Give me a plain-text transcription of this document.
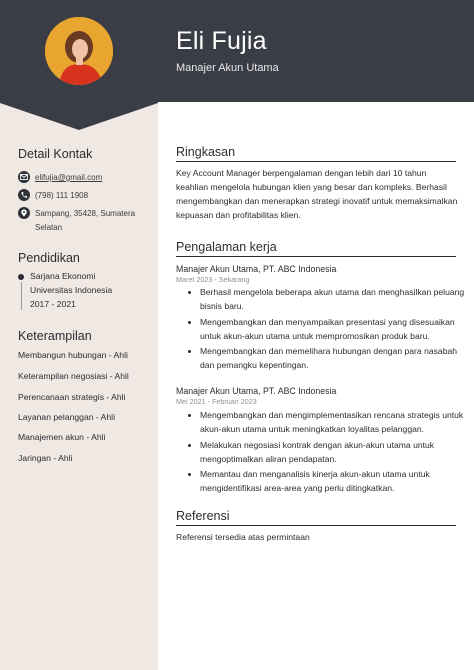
Eli Fujia
Manajer Akun Utama
Detail Kontak
elifujia@gmail.com
(798) 111 1908
Sampang, 35428, Sumatera Selatan
Pendidikan
Sarjana Ekonomi
Universitas Indonesia
2017 - 2021
Keterampilan
Membangun hubungan - Ahli
Keterampilan negosiasi - Ahli
Perencanaan strategis - Ahli
Layanan pelanggan - Ahli
Manajemen akun - Ahli
Jaringan - Ahli
Ringkasan
Key Account Manager berpengalaman dengan lebih dari 10 tahun keahlian mengelola hubungan klien yang besar dan kompleks. Berhasil mengembangkan dan menerapkan strategi inovatif untuk memaksimalkan kepuasan dan profitabilitas klien.
Pengalaman kerja
Manajer Akun Utama, PT. ABC Indonesia
Maret 2023 - Sekarang
• Berhasil mengelola beberapa akun utama dan menghasilkan peluang bisnis baru.
• Mengembangkan dan menyampaikan presentasi yang disesuaikan untuk akun-akun utama untuk mempromosikan produk baru.
• Mengembangkan dan memelihara hubungan dengan para nasabah dan pemangku kepentingan.
Manajer Akun Utama, PT. ABC Indonesia
Mei 2021 - Februari 2023
• Mengembangkan dan mengimplementasikan rencana strategis untuk akun-akun utama untuk meningkatkan loyalitas pelanggan.
• Melakukan negosiasi kontrak dengan akun-akun utama untuk mengoptimalkan aliran pendapatan.
• Memantau dan menganalisis kinerja akun-akun utama untuk mengidentifikasi area-area yang perlu ditingkatkan.
Referensi
Referensi tersedia atas permintaan
